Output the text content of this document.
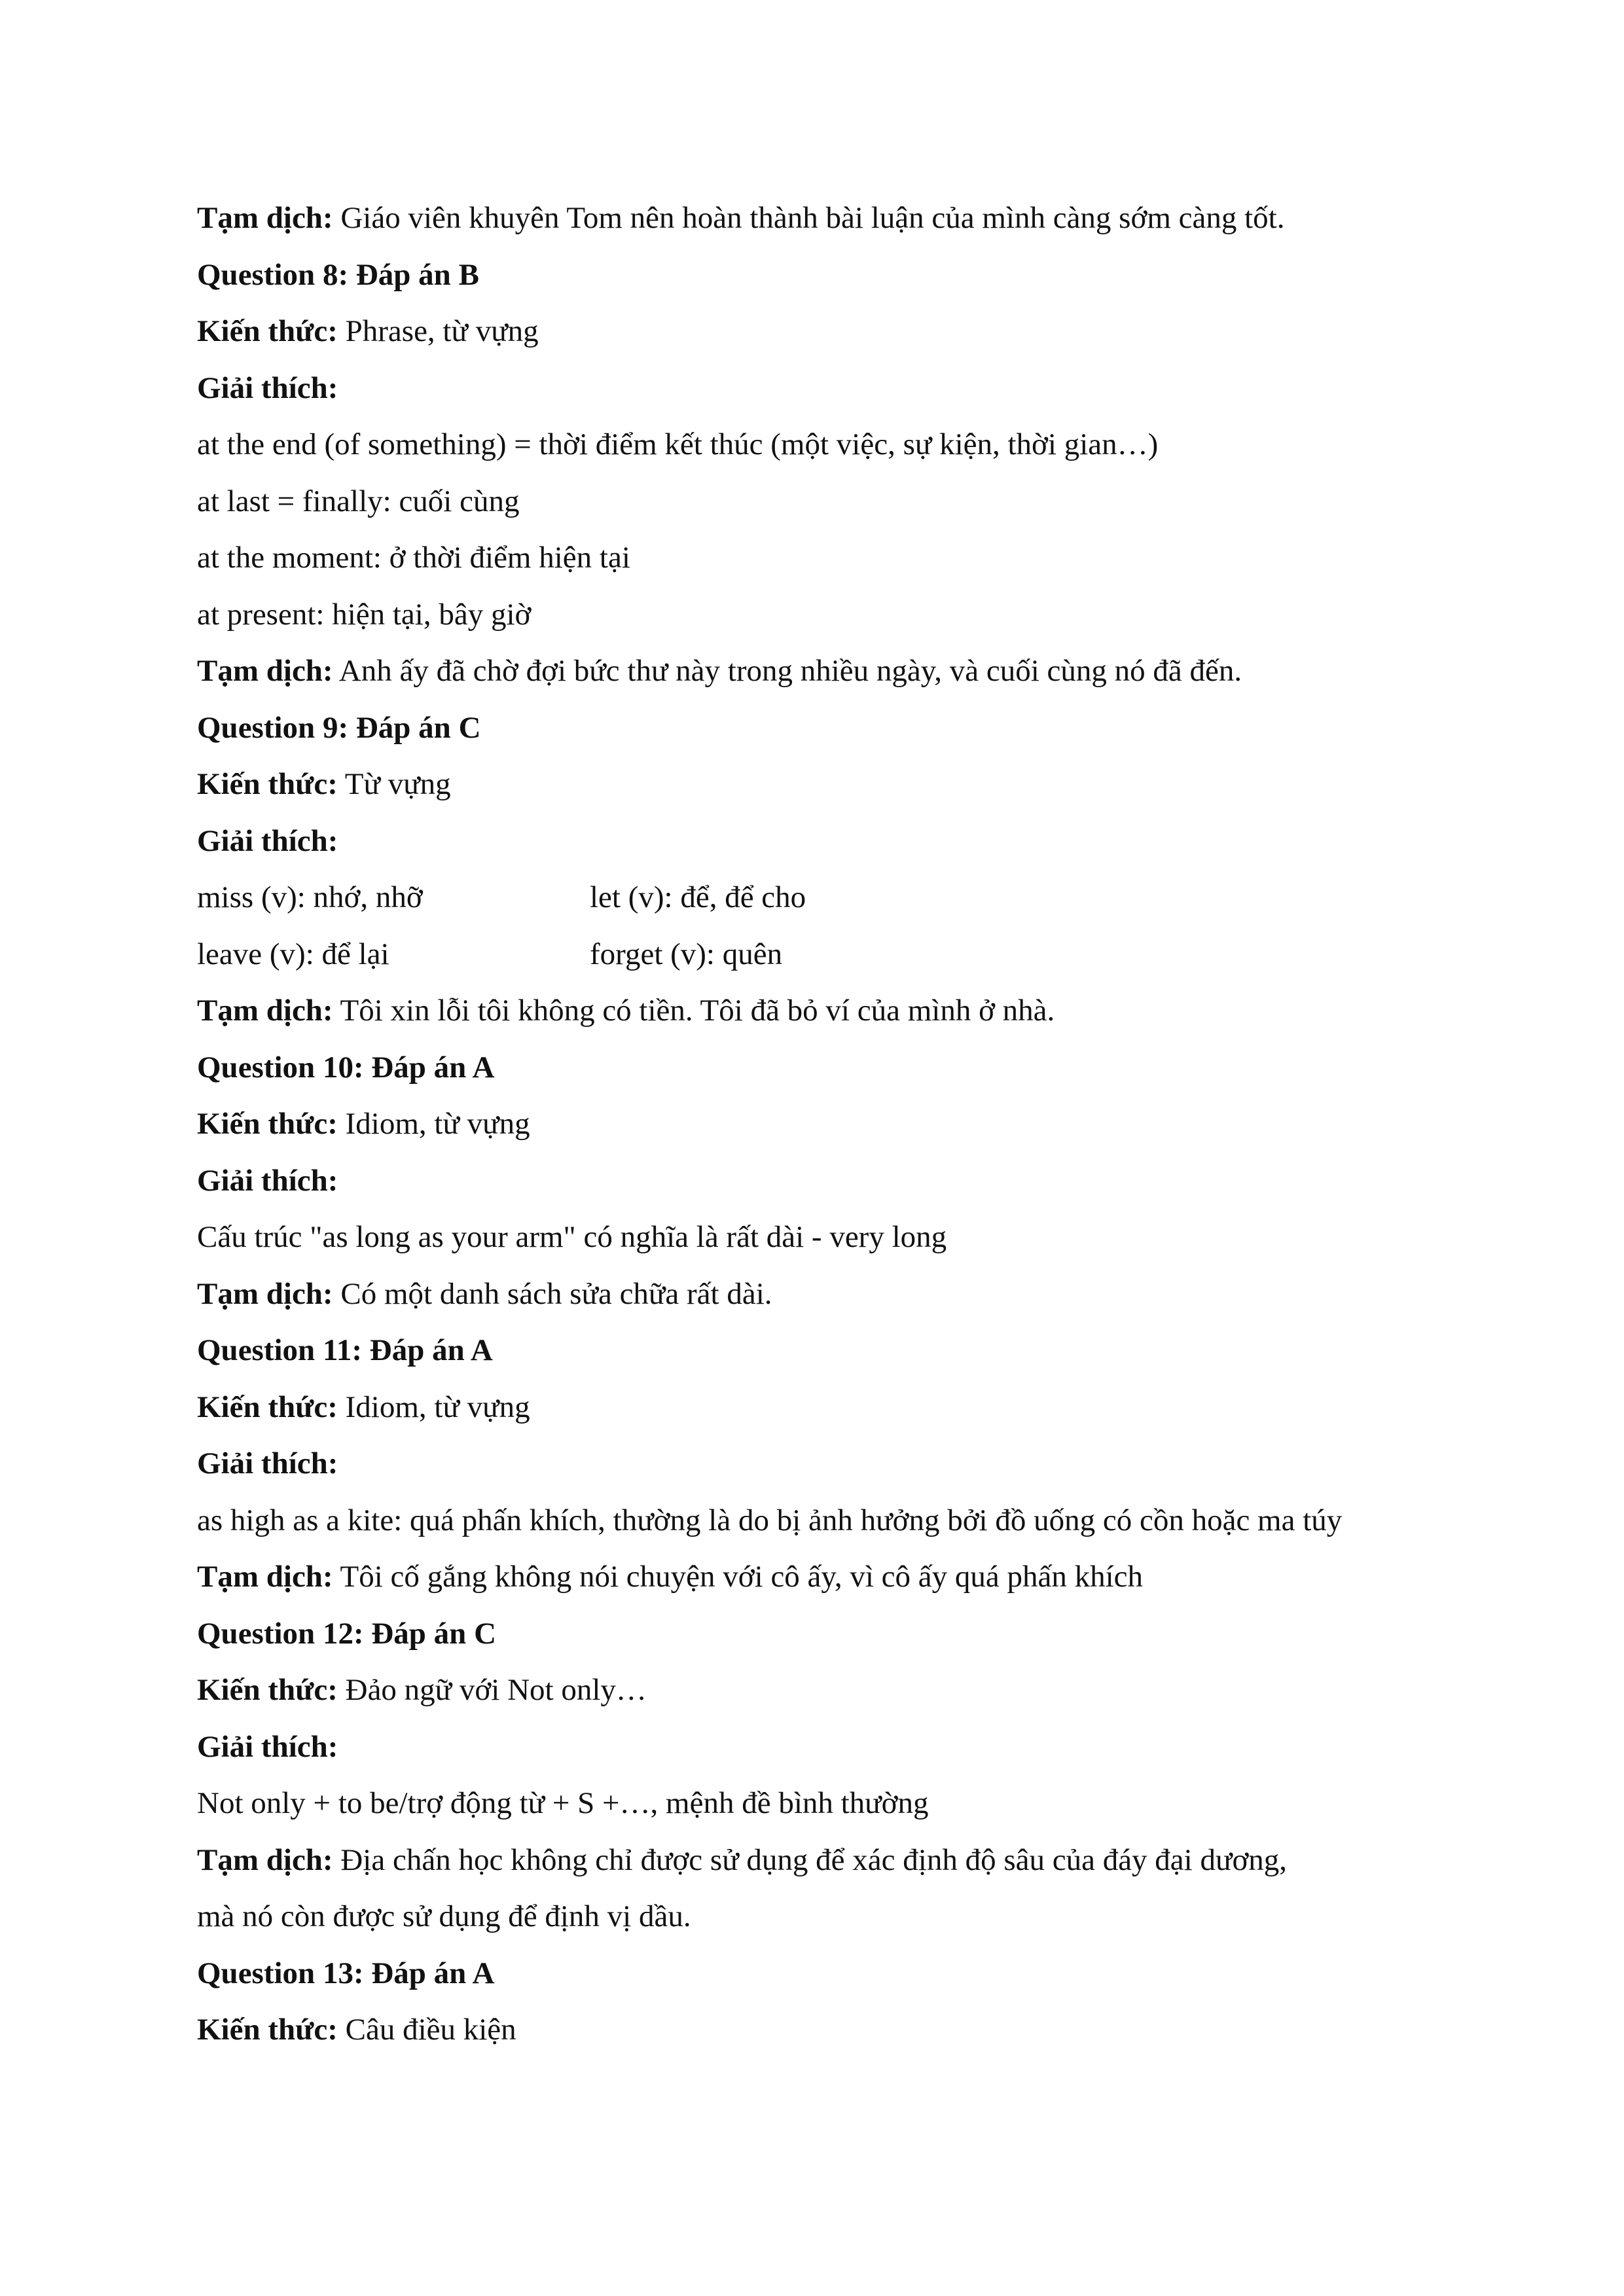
Tạm dịch: Giáo viên khuyên Tom nên hoàn thành bài luận của mình càng sớm càng tốt.
Question 8: Đáp án B
Kiến thức: Phrase, từ vựng
Giải thích:
at the end (of something) = thời điểm kết thúc (một việc, sự kiện, thời gian…)
at last = finally: cuối cùng
at the moment: ở thời điểm hiện tại
at present: hiện tại, bây giờ
Tạm dịch: Anh ấy đã chờ đợi bức thư này trong nhiều ngày, và cuối cùng nó đã đến.
Question 9: Đáp án C
Kiến thức: Từ vựng
Giải thích:
miss (v): nhớ, nhỡ	let (v): để, để cho
leave (v): để lại	forget (v): quên
Tạm dịch: Tôi xin lỗi tôi không có tiền. Tôi đã bỏ ví của mình ở nhà.
Question 10: Đáp án A
Kiến thức: Idiom, từ vựng
Giải thích:
Cấu trúc "as long as your arm" có nghĩa là rất dài - very long
Tạm dịch: Có một danh sách sửa chữa rất dài.
Question 11: Đáp án A
Kiến thức: Idiom, từ vựng
Giải thích:
as high as a kite: quá phấn khích, thường là do bị ảnh hưởng bởi đồ uống có cồn hoặc ma túy
Tạm dịch: Tôi cố gắng không nói chuyện với cô ấy, vì cô ấy quá phấn khích
Question 12: Đáp án C
Kiến thức: Đảo ngữ với Not only…
Giải thích:
Not only + to be/trợ động từ + S +…, mệnh đề bình thường
Tạm dịch: Địa chấn học không chỉ được sử dụng để xác định độ sâu của đáy đại dương,
mà nó còn được sử dụng để định vị dầu.
Question 13: Đáp án A
Kiến thức: Câu điều kiện
